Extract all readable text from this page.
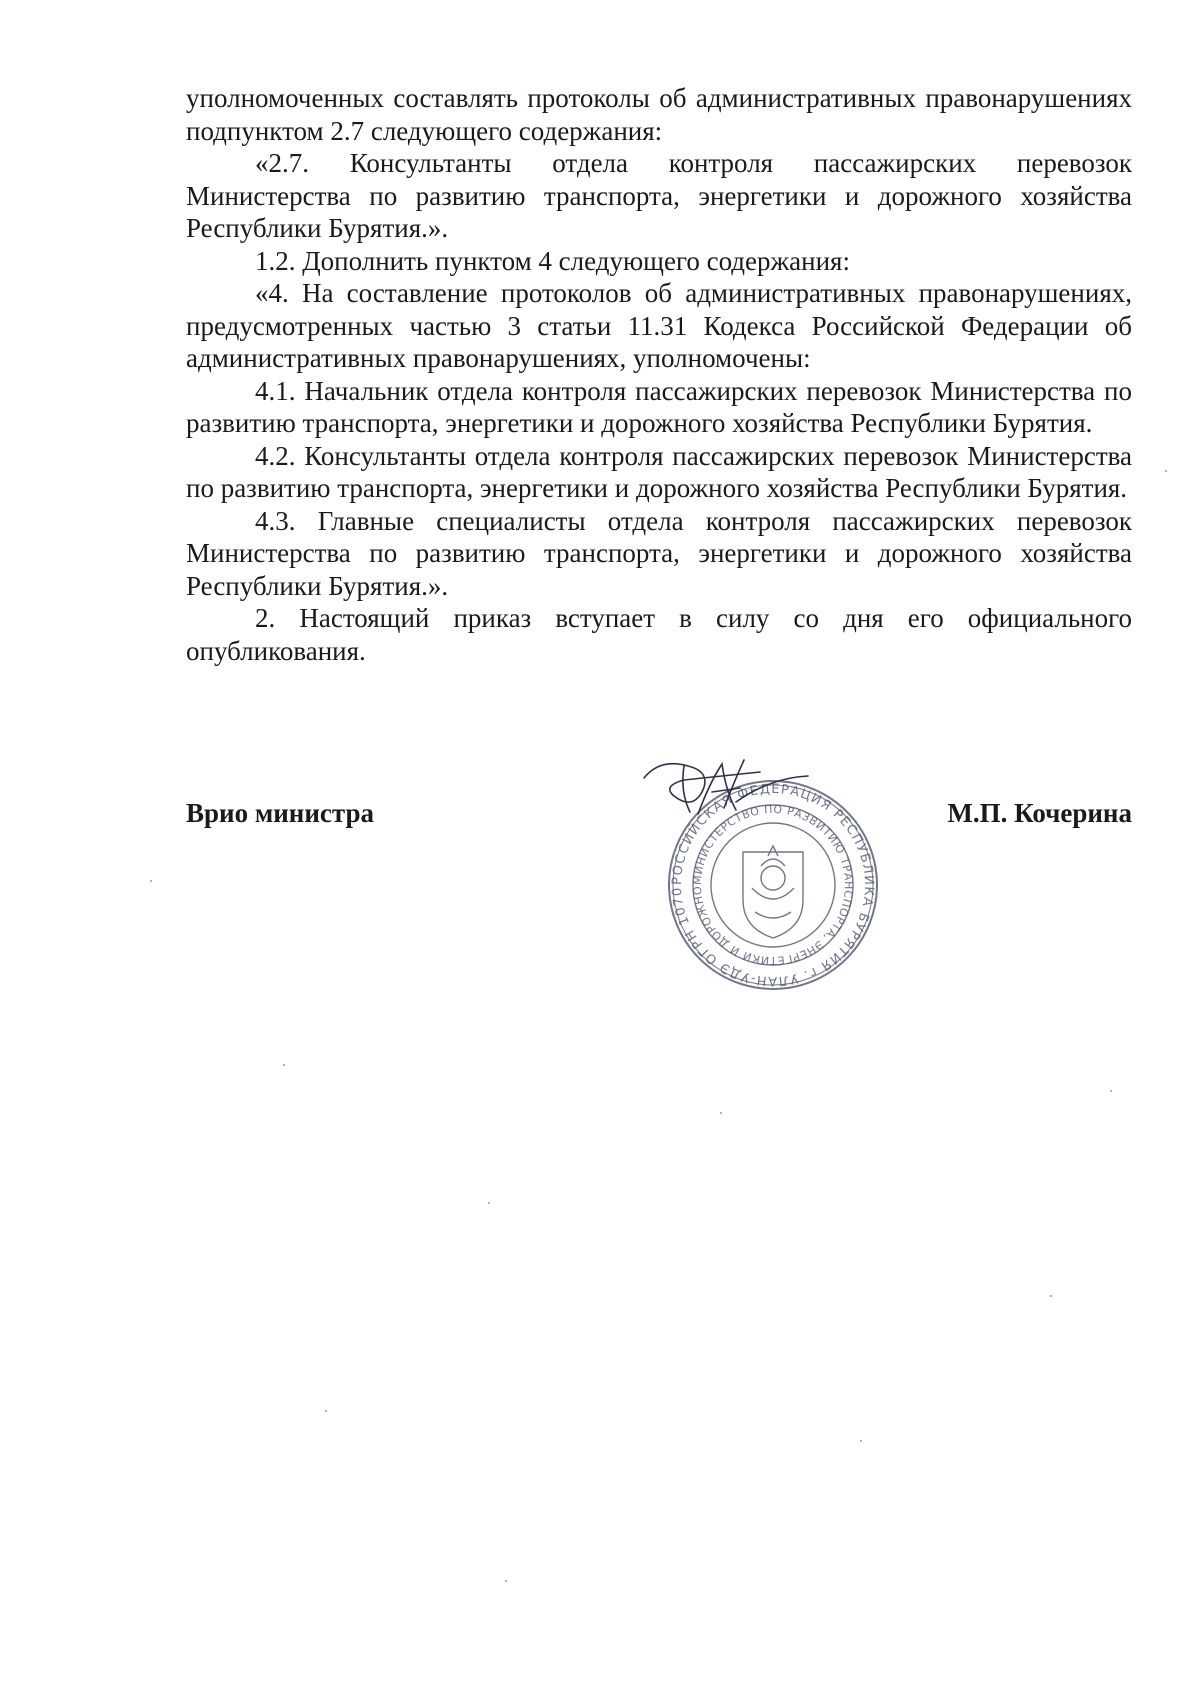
уполномоченных составлять протоколы об административных правонарушениях подпунктом 2.7 следующего содержания:

«2.7. Консультанты отдела контроля пассажирских перевозок Министерства по развитию транспорта, энергетики и дорожного хозяйства Республики Бурятия.».

1.2. Дополнить пунктом 4 следующего содержания:

«4. На составление протоколов об административных правонарушениях, предусмотренных частью 3 статьи 11.31 Кодекса Российской Федерации об административных правонарушениях, уполномочены:

4.1. Начальник отдела контроля пассажирских перевозок Министерства по развитию транспорта, энергетики и дорожного хозяйства Республики Бурятия.

4.2. Консультанты отдела контроля пассажирских перевозок Министерства по развитию транспорта, энергетики и дорожного хозяйства Республики Бурятия.

4.3. Главные специалисты отдела контроля пассажирских перевозок Министерства по развитию транспорта, энергетики и дорожного хозяйства Республики Бурятия.».

2. Настоящий приказ вступает в силу со дня его официального опубликования.

РОССИЙСКАЯ ФЕДЕРАЦИЯ РЕСПУБЛИКА БУРЯТИЯ г. УЛАН-УДЭ ОГРН 1070
МИНИСТЕРСТВО ПО РАЗВИТИЮ ТРАНСПОРТА, ЭНЕРГЕТИКИ И ДОРОЖНО
Врио министра	М.П. Кочерина
